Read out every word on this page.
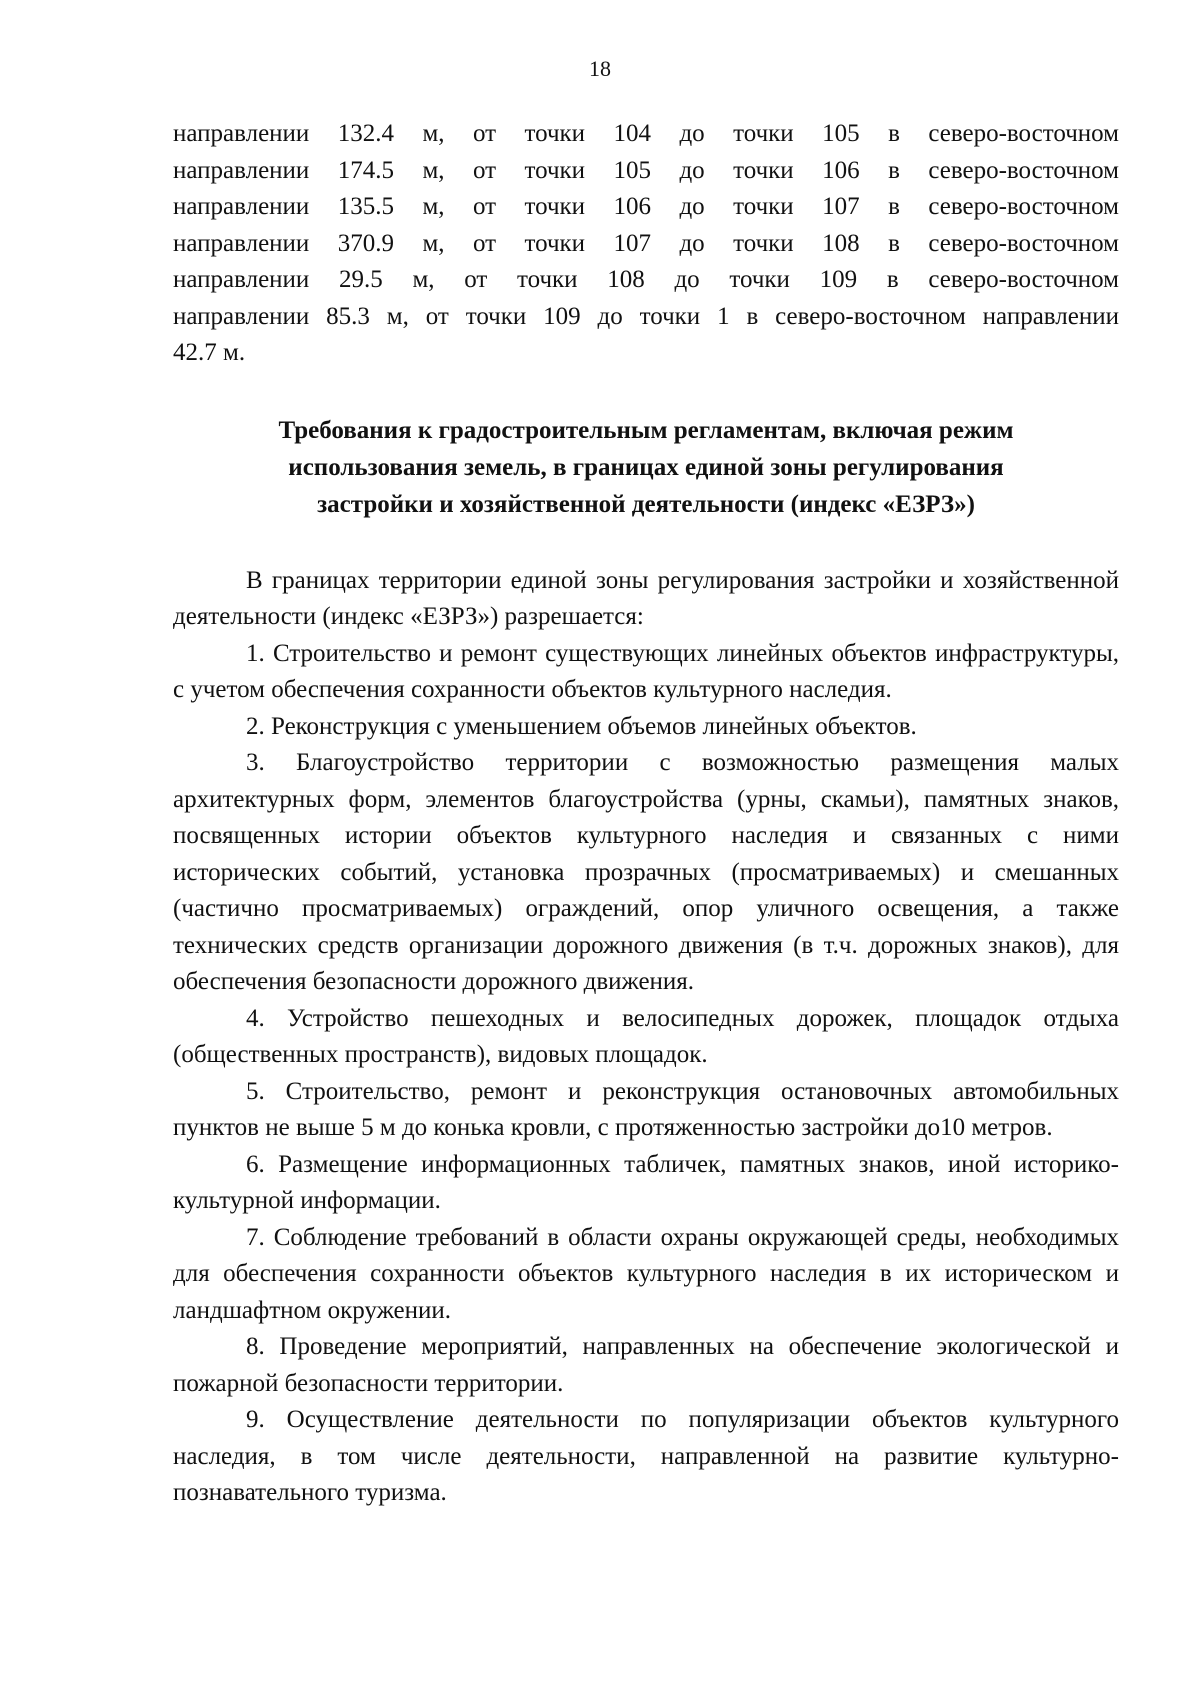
18

направлении 132.4 м, от точки 104 до точки 105 в северо-восточном

направлении 174.5 м, от точки 105 до точки 106 в северо-восточном

направлении 135.5 м, от точки 106 до точки 107 в северо-восточном

направлении 370.9 м, от точки 107 до точки 108 в северо-восточном

направлении 29.5 м, от точки 108 до точки 109 в северо-восточном

направлении 85.3 м, от точки 109 до точки 1 в северо-восточном направлении

42.7 м.

Требования к градостроительным регламентам, включая режим
использования земель, в границах единой зоны регулирования
застройки и хозяйственной деятельности (индекс «ЕЗРЗ»)

В границах территории единой зоны регулирования застройки и хозяйственной деятельности (индекс «ЕЗРЗ») разрешается:

1. Строительство и ремонт существующих линейных объектов инфраструктуры, с учетом обеспечения сохранности объектов культурного наследия.

2. Реконструкция с уменьшением объемов линейных объектов.

3. Благоустройство территории с возможностью размещения малых архитектурных форм, элементов благоустройства (урны, скамьи), памятных знаков, посвященных истории объектов культурного наследия и связанных с ними исторических событий, установка прозрачных (просматриваемых) и смешанных (частично просматриваемых) ограждений, опор уличного освещения, а также технических средств организации дорожного движения (в т.ч. дорожных знаков), для обеспечения безопасности дорожного движения.

4. Устройство пешеходных и велосипедных дорожек, площадок отдыха (общественных пространств), видовых площадок.

5. Строительство, ремонт и реконструкция остановочных автомобильных пунктов не выше 5 м до конька кровли, с протяженностью застройки до10 метров.

6. Размещение информационных табличек, памятных знаков, иной историко-культурной информации.

7. Соблюдение требований в области охраны окружающей среды, необходимых для обеспечения сохранности объектов культурного наследия в их историческом и ландшафтном окружении.

8. Проведение мероприятий, направленных на обеспечение экологической и пожарной безопасности территории.

9. Осуществление деятельности по популяризации объектов культурного наследия, в том числе деятельности, направленной на развитие культурно- познавательного туризма.
